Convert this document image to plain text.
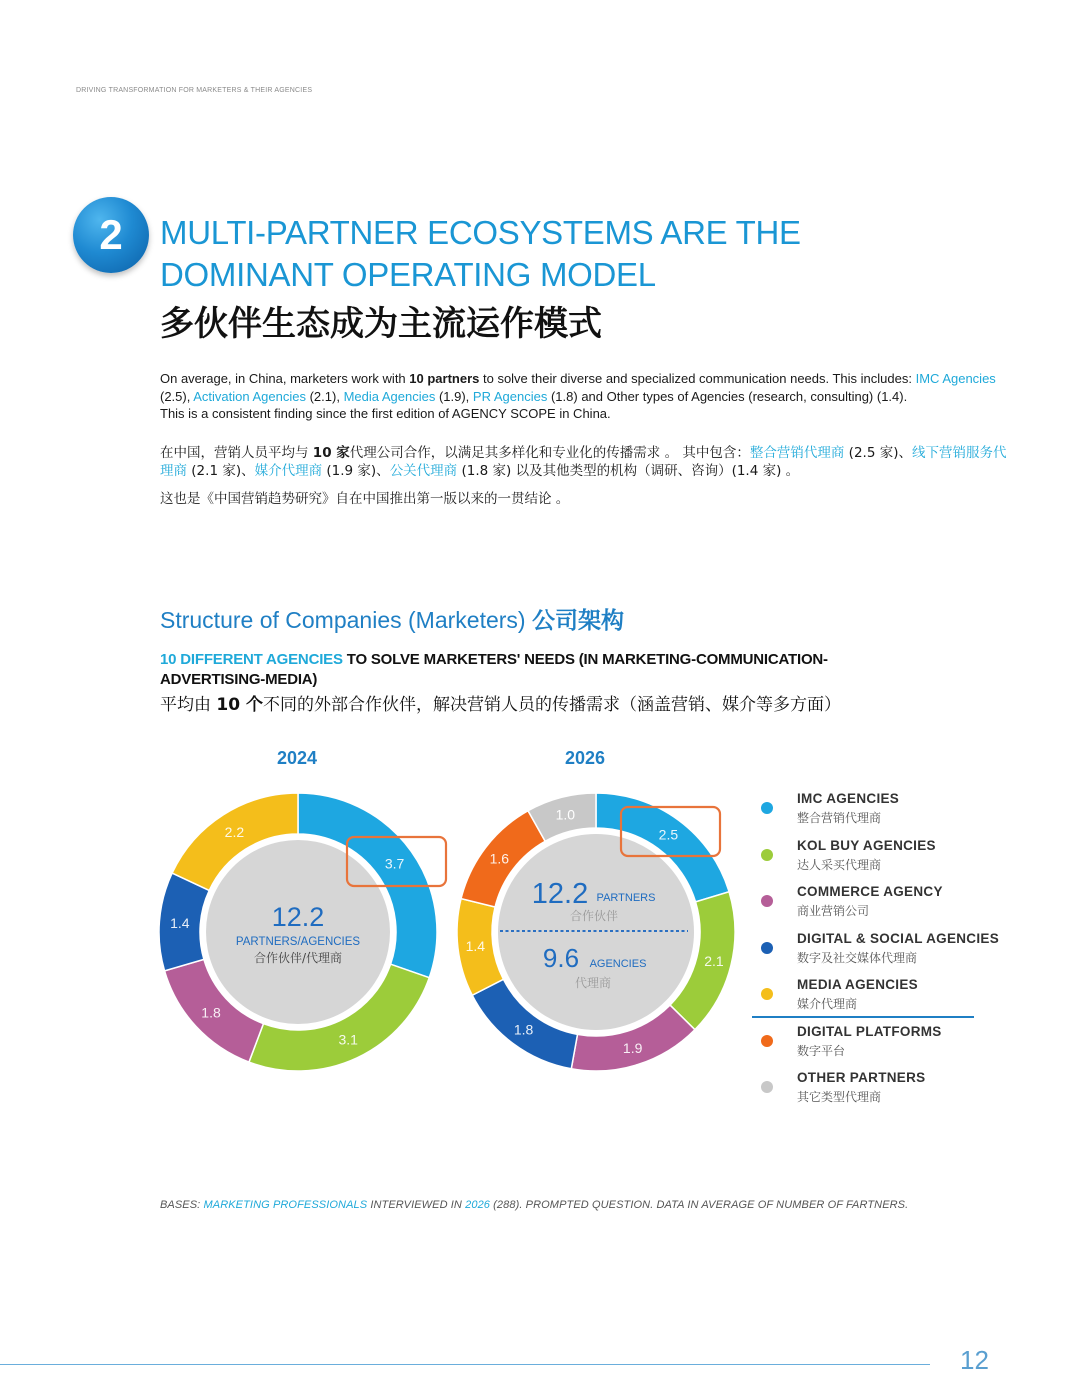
DRIVING TRANSFORMATION FOR MARKETERS & THEIR AGENCIES
2	MULTI-PARTNER ECOSYSTEMS ARE THE DOMINANT OPERATING MODEL
多伙伴生态成为主流运作模式
On average, in China, marketers work with 10 partners to solve their diverse and specialized communication needs. This includes: IMC Agencies (2.5), Activation Agencies (2.1), Media Agencies (1.9), PR Agencies (1.8) and Other types of Agencies (research, consulting) (1.4).
This is a consistent finding since the first edition of AGENCY SCOPE in China.
在中国，营销人员平均与 10 家代理公司合作，以满足其多样化和专业化的传播需求 。 其中包含：整合营销代理商 (2.5 家)、线下营销服务代理商 (2.1 家)、媒介代理商 (1.9 家)、公关代理商 (1.8 家) 以及其他类型的机构（调研、咨询）(1.4 家) 。
这也是《中国营销趋势研究》自在中国推出第一版以来的一贯结论 。
Structure of Companies (Marketers) 公司架构
10 DIFFERENT AGENCIES TO SOLVE MARKETERS' NEEDS (IN MARKETING-COMMUNICATION-ADVERTISING-MEDIA)
平均由 10 个不同的外部合作伙伴，解决营销人员的传播需求（涵盖营销、媒介等多方面）
2024	2026
3.7
3.1
1.8
1.4
2.2	2.5
2.1
1.9
1.8
1.4
1.6
1.0
12.2
PARTNERS/AGENCIES
合作伙伴/代理商
12.2 PARTNERS
合作伙伴
9.6 AGENCIES
代理商
IMC AGENCIES
整合营销代理商
KOL BUY AGENCIES
达人采买代理商
COMMERCE AGENCY
商业营销公司
DIGITAL & SOCIAL AGENCIES
数字及社交媒体代理商
MEDIA AGENCIES
媒介代理商
DIGITAL PLATFORMS
数字平台
OTHER PARTNERS
其它类型代理商
BASES: MARKETING PROFESSIONALS INTERVIEWED IN 2026 (288). PROMPTED QUESTION. DATA IN AVERAGE OF NUMBER OF FARTNERS.
12
